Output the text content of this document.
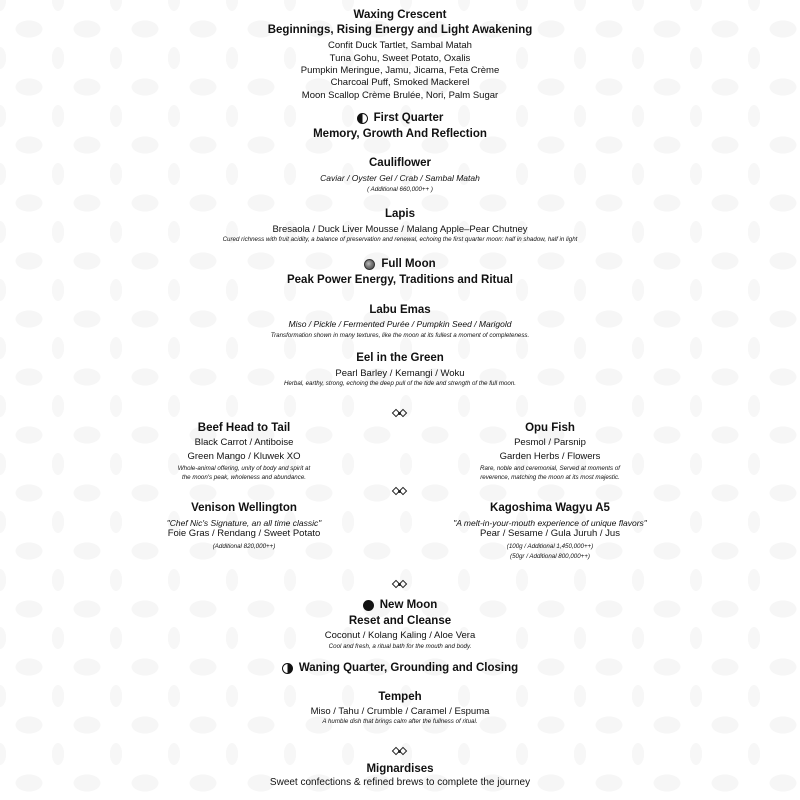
Waxing Crescent
Beginnings, Rising Energy and Light Awakening
Confit Duck Tartlet, Sambal Matah
Tuna Gohu, Sweet Potato, Oxalis
Pumpkin Meringue, Jamu, Jicama, Feta Crème
Charcoal Puff, Smoked Mackerel
Moon Scallop Crème Brulée, Nori, Palm Sugar
First Quarter
Memory, Growth And Reflection
Cauliflower
Caviar / Oyster Gel / Crab / Sambal Matah
( Additional 660,000++ )
Lapis
Bresaola / Duck Liver Mousse / Malang Apple–Pear Chutney
Cured richness with fruit acidity, a balance of preservation and renewal, echoing the first quarter moon: half in shadow, half in light
Full Moon
Peak Power Energy, Traditions and Ritual
Labu Emas
Miso / Pickle / Fermented Purée / Pumpkin Seed / Marigold
Transformation shown in many textures, like the moon at its fullest a moment of completeness.
Eel in the Green
Pearl Barley / Kemangi / Woku
Herbal, earthy, strong, echoing the deep pull of the tide and strength of the full moon.
Beef Head to Tail
Black Carrot / Antiboise
Green Mango / Kluwek XO
Whole-animal offering, unity of body and spirit at
the moon's peak, wholeness and abundance.
Opu Fish
Pesmol / Parsnip
Garden Herbs / Flowers
Rare, noble and ceremonial, Served at moments of
reverence, matching the moon at its most majestic.
Venison Wellington
"Chef Nic's Signature, an all time classic"
Foie Gras / Rendang / Sweet Potato
(Additional 820,000++)
Kagoshima Wagyu A5
"A melt-in-your-mouth experience of unique flavors"
Pear / Sesame / Gula Juruh / Jus
(100g / Additional 1,450,000++)
(50gr / Additional 800,000++)
New Moon
Reset and Cleanse
Coconut / Kolang Kaling / Aloe Vera
Cool and fresh, a ritual bath for the mouth and body.
Waning Quarter, Grounding and Closing
Tempeh
Miso / Tahu / Crumble / Caramel / Espuma
A humble dish that brings calm after the fullness of ritual.
Mignardises
Sweet confections & refined brews to complete the journey
